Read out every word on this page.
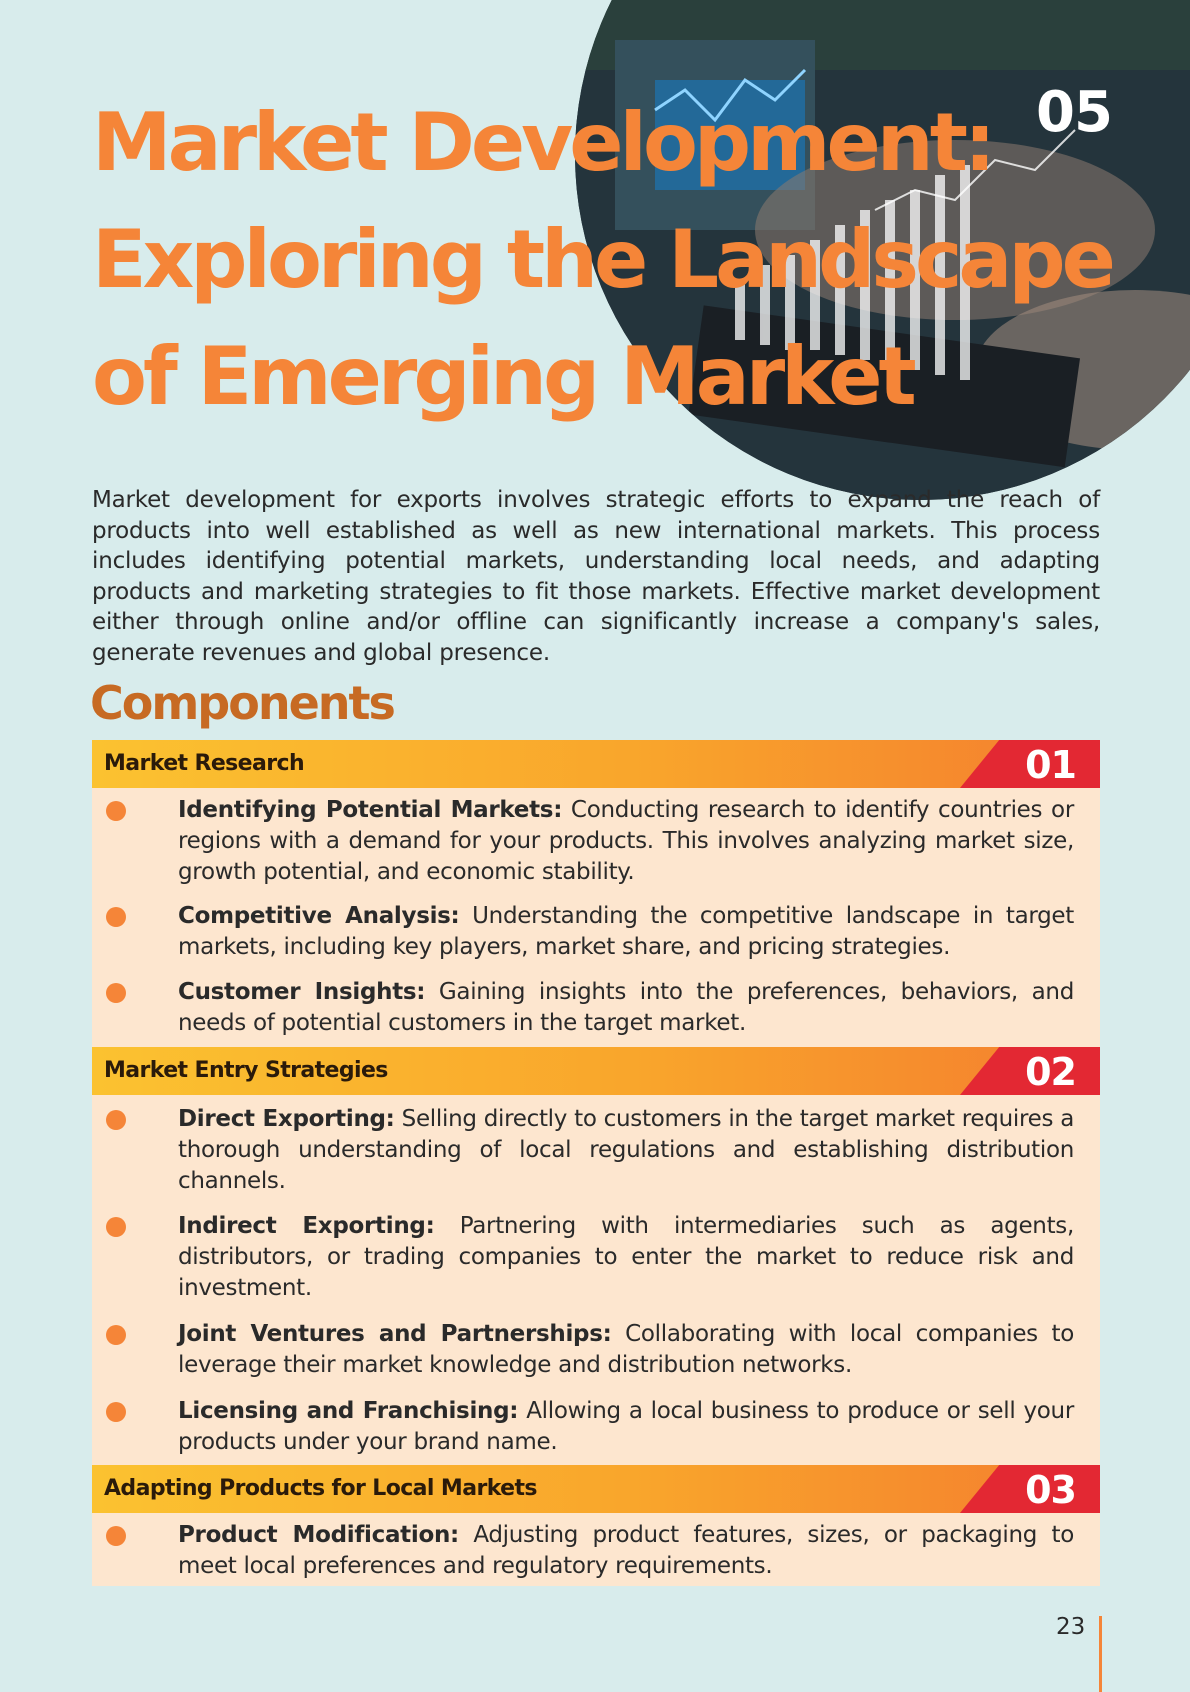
05
Market Development:
Exploring the Landscape
of Emerging Market

Market development for exports involves strategic efforts to expand the reach of products into well established as well as new international markets. This process includes identifying potential markets, understanding local needs, and adapting products and marketing strategies to fit those markets. Effective market development either through online and/or offline can significantly increase a company's sales, generate revenues and global presence.

Components
Market Research	01

Identifying Potential Markets: Conducting research to identify countries or regions with a demand for your products. This involves analyzing market size, growth potential, and economic stability.

Competitive Analysis: Understanding the competitive landscape in target markets, including key players, market share, and pricing strategies.

Customer Insights: Gaining insights into the preferences, behaviors, and needs of potential customers in the target market.

Market Entry Strategies	02

Direct Exporting: Selling directly to customers in the target market requires a thorough understanding of local regulations and establishing distribution channels.

Indirect Exporting: Partnering with intermediaries such as agents, distributors, or trading companies to enter the market to reduce risk and investment.

Joint Ventures and Partnerships: Collaborating with local companies to leverage their market knowledge and distribution networks.

Licensing and Franchising: Allowing a local business to produce or sell your products under your brand name.

Adapting Products for Local Markets	03

Product Modification: Adjusting product features, sizes, or packaging to meet local preferences and regulatory requirements.

23
